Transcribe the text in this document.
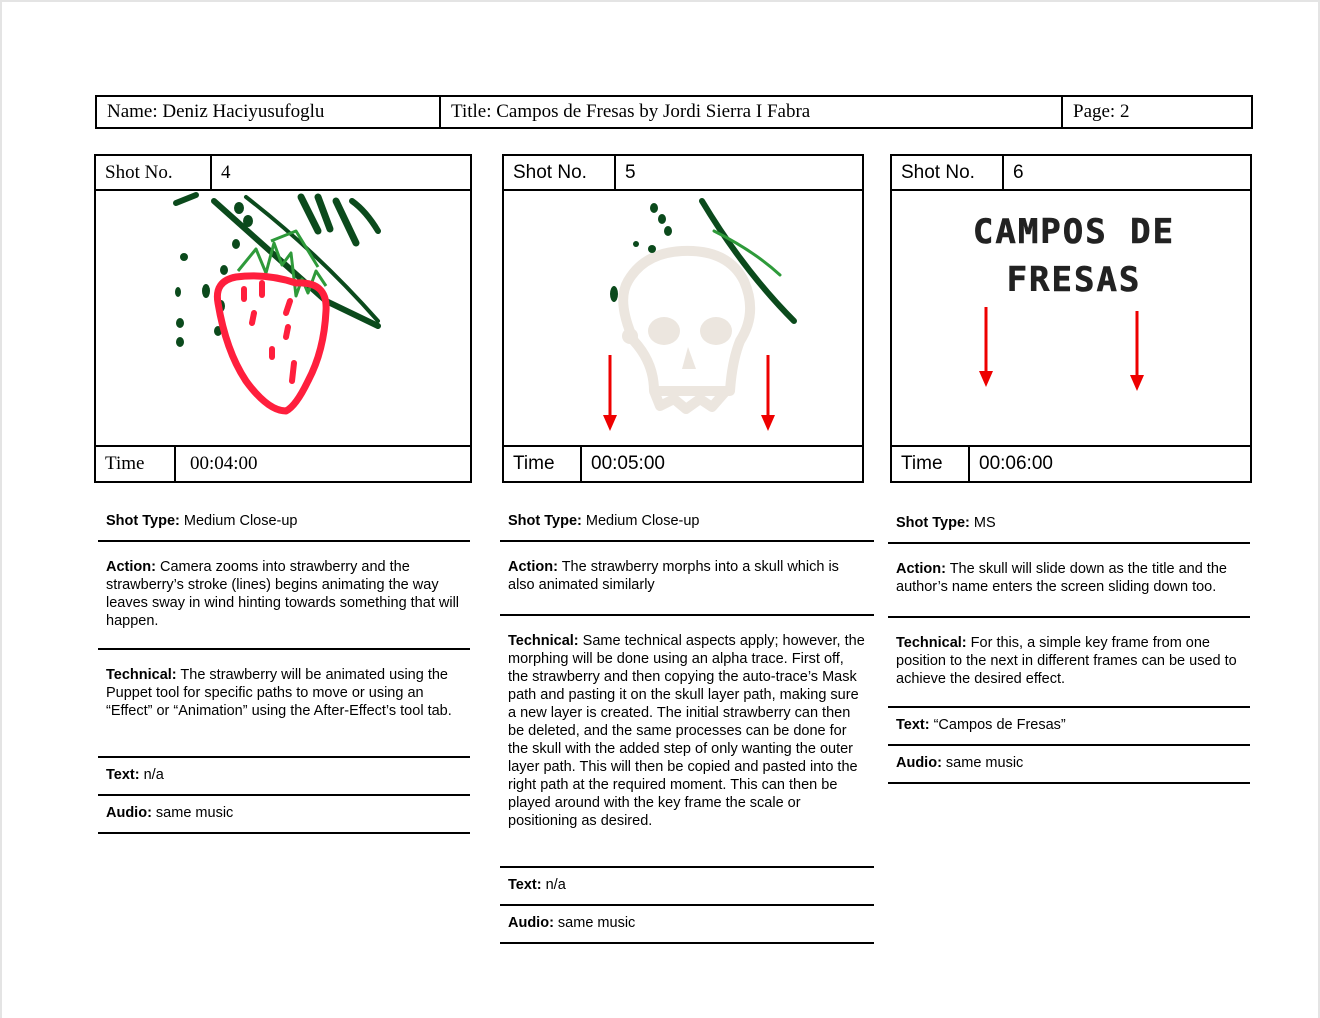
Name: Deniz Haciyusufoglu	Title: Campos de Fresas by Jordi Sierra I Fabra	Page: 2
Shot No.	4
Time	00:04:00
Shot No.	5
Time	00:05:00
Shot No.	6
CAMPOS DE
FRESAS
Time	00:06:00
Shot Type: Medium Close-up
Action: Camera zooms into strawberry and the strawberry’s stroke (lines) begins animating the way leaves sway in wind hinting towards something that will happen.
Technical: The strawberry will be animated using the Puppet tool for specific paths to move or using an “Effect” or “Animation” using the After-Effect’s tool tab.
Text: n/a
Audio: same music
Shot Type: Medium Close-up
Action: The strawberry morphs into a skull which is also animated similarly
Technical: Same technical aspects apply; however, the morphing will be done using an alpha trace. First off, the strawberry and then copying the auto-trace’s Mask path and pasting it on the skull layer path, making sure a new layer is created. The initial strawberry can then be deleted, and the same processes can be done for the skull with the added step of only wanting the outer layer path. This will then be copied and pasted into the right path at the required moment. This can then be played around with the key frame the scale or positioning as desired.
Text: n/a
Audio: same music
Shot Type: MS
Action: The skull will slide down as the title and the author’s name enters the screen sliding down too.
Technical: For this, a simple key frame from one position to the next in different frames can be used to achieve the desired effect.
Text: “Campos de Fresas”
Audio: same music
